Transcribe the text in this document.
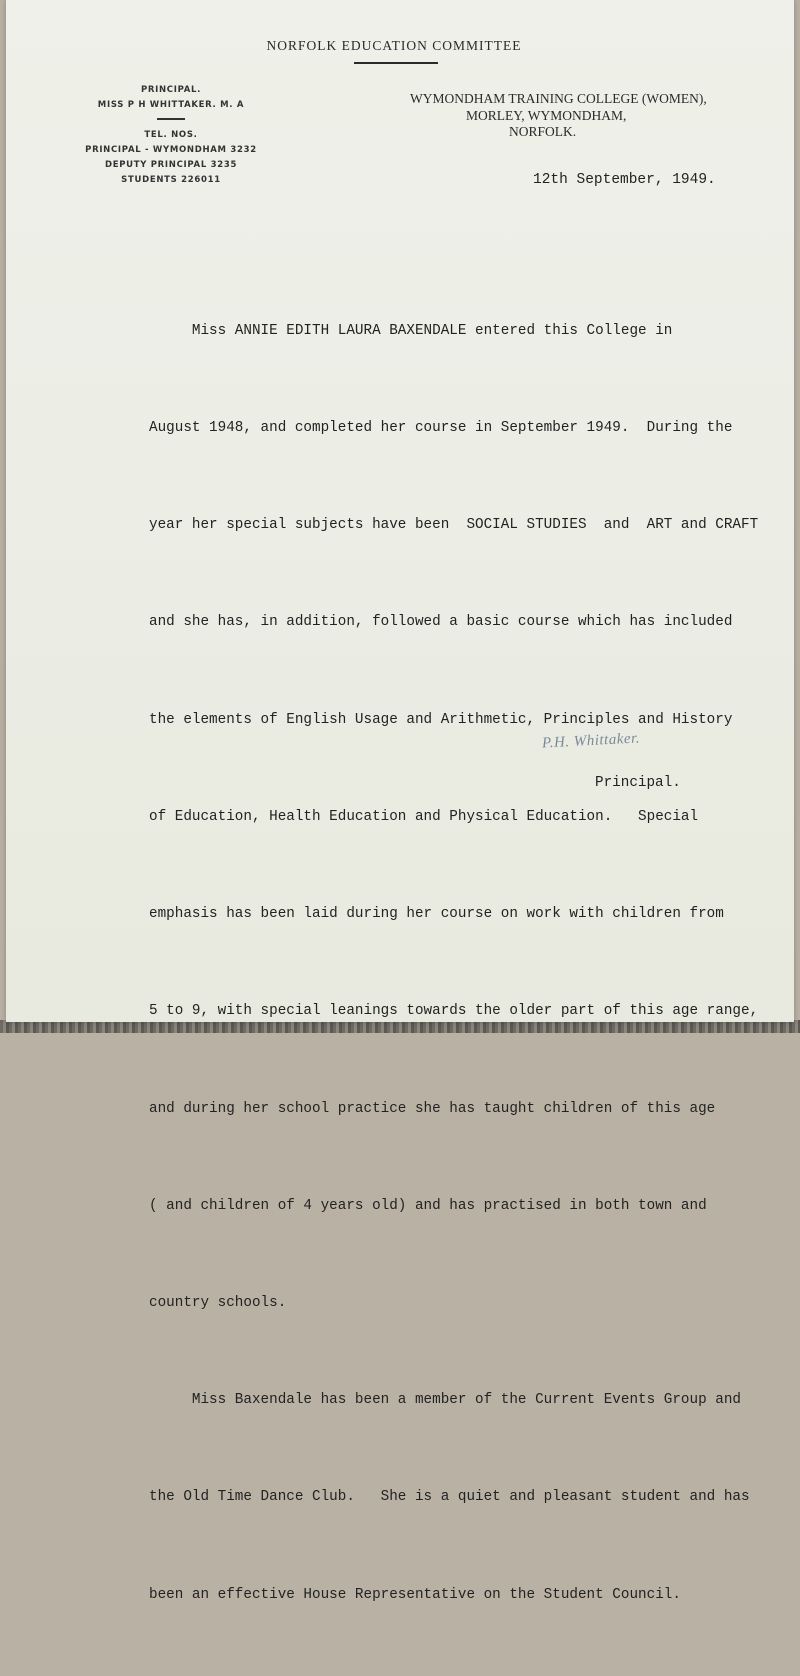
NORFOLK EDUCATION COMMITTEE
PRINCIPAL.
MISS P H WHITTAKER. M. A
TEL. NOS.
PRINCIPAL - WYMONDHAM 3232
DEPUTY PRINCIPAL 3235
STUDENTS 226011
WYMONDHAM TRAINING COLLEGE (WOMEN),
MORLEY, WYMONDHAM,
NORFOLK.
12th September, 1949.

Miss ANNIE EDITH LAURA BAXENDALE entered this College in

August 1948, and completed her course in September 1949.  During the

year her special subjects have been  SOCIAL STUDIES  and  ART and CRAFT

and she has, in addition, followed a basic course which has included

the elements of English Usage and Arithmetic, Principles and History

of Education, Health Education and Physical Education.   Special

emphasis has been laid during her course on work with children from

5 to 9, with special leanings towards the older part of this age range,

and during her school practice she has taught children of this age

( and children of 4 years old) and has practised in both town and

country schools.

Miss Baxendale has been a member of the Current Events Group and

the Old Time Dance Club.   She is a quiet and pleasant student and has

been an effective House Representative on the Student Council.

P.H. Whittaker.
Principal.
